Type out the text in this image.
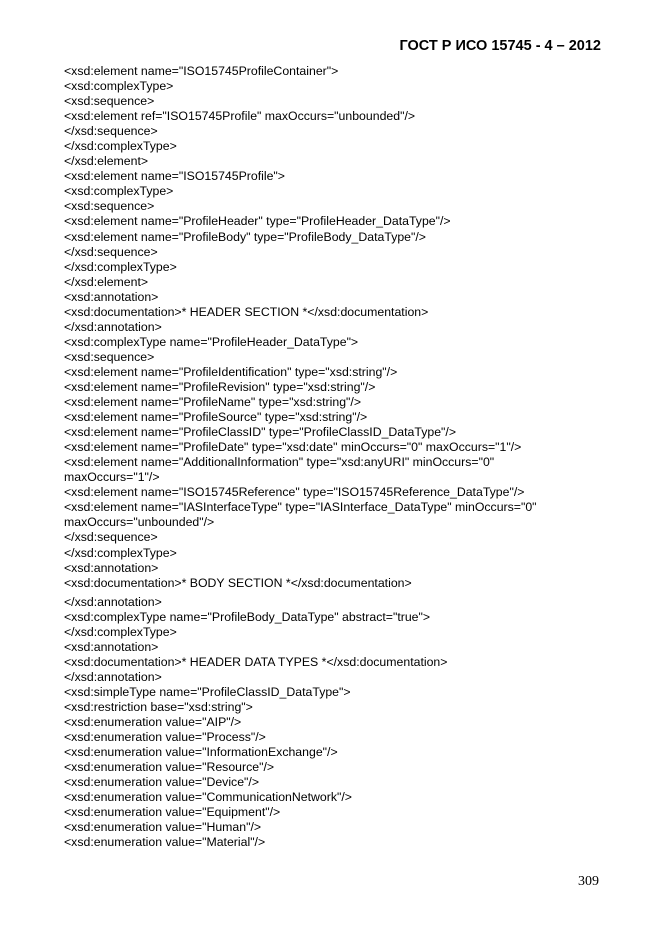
ГОСТ Р ИСО 15745 - 4 – 2012
<xsd:element name="ISO15745ProfileContainer">
<xsd:complexType>
<xsd:sequence>
<xsd:element ref="ISO15745Profile" maxOccurs="unbounded"/>
</xsd:sequence>
</xsd:complexType>
</xsd:element>
<xsd:element name="ISO15745Profile">
<xsd:complexType>
<xsd:sequence>
<xsd:element name="ProfileHeader" type="ProfileHeader_DataType"/>
<xsd:element name="ProfileBody" type="ProfileBody_DataType"/>
</xsd:sequence>
</xsd:complexType>
</xsd:element>
<xsd:annotation>
<xsd:documentation>* HEADER SECTION *</xsd:documentation>
</xsd:annotation>
<xsd:complexType name="ProfileHeader_DataType">
<xsd:sequence>
<xsd:element name="ProfileIdentification" type="xsd:string"/>
<xsd:element name="ProfileRevision" type="xsd:string"/>
<xsd:element name="ProfileName" type="xsd:string"/>
<xsd:element name="ProfileSource" type="xsd:string"/>
<xsd:element name="ProfileClassID" type="ProfileClassID_DataType"/>
<xsd:element name="ProfileDate" type="xsd:date" minOccurs="0" maxOccurs="1"/>
<xsd:element name="AdditionalInformation" type="xsd:anyURI" minOccurs="0"
maxOccurs="1"/>
<xsd:element name="ISO15745Reference" type="ISO15745Reference_DataType"/>
<xsd:element name="IASInterfaceType" type="IASInterface_DataType" minOccurs="0"
maxOccurs="unbounded"/>
</xsd:sequence>
</xsd:complexType>
<xsd:annotation>
<xsd:documentation>* BODY SECTION *</xsd:documentation>
</xsd:annotation>
<xsd:complexType name="ProfileBody_DataType" abstract="true">
</xsd:complexType>
<xsd:annotation>
<xsd:documentation>* HEADER DATA TYPES *</xsd:documentation>
</xsd:annotation>
<xsd:simpleType name="ProfileClassID_DataType">
<xsd:restriction base="xsd:string">
<xsd:enumeration value="AIP"/>
<xsd:enumeration value="Process"/>
<xsd:enumeration value="InformationExchange"/>
<xsd:enumeration value="Resource"/>
<xsd:enumeration value="Device"/>
<xsd:enumeration value="CommunicationNetwork"/>
<xsd:enumeration value="Equipment"/>
<xsd:enumeration value="Human"/>
<xsd:enumeration value="Material"/>
309
